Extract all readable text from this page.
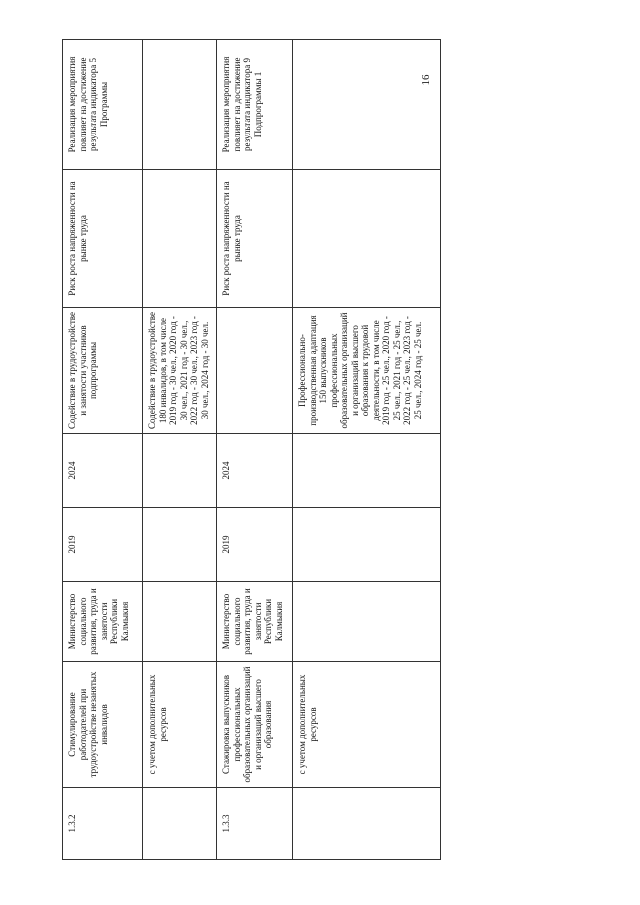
1.3.2	Стимулирование работодателей при трудоустройстве незанятых инвалидов	Министерство социального развития, труда и занятости Республики Калмыкия	2019	2024	Содействие в трудоустройстве и занятости участников подпрограммы	Риск роста напряженности на рынке труда	Реализация мероприятия повлияет на достижение результата индикатора 5 Программы
	с учетом дополнительных ресурсов				Содействие в трудоустройстве 180 инвалидов, в том числе 2019 год - 30 чел., 2020 год - 30 чел., 2021 год - 30 чел., 2022 год - 30 чел., 2023 год - 30 чел., 2024 год - 30 чел.		
1.3.3	Стажировка выпускников профессиональных образовательных организаций и организаций высшего образования	Министерство социального развития, труда и занятости Республики Калмыкия	2019	2024		Риск роста напряженности на рынке труда	Реализация мероприятия повлияет на достижение результата индикатора 9 Подпрограммы 1
	с учетом дополнительных ресурсов				Профессионально-производственная адаптация 150 выпускников профессиональных образовательных организаций и организаций высшего образования к трудовой деятельности, в том числе 2019 год - 25 чел., 2020 год - 25 чел., 2021 год - 25 чел., 2022 год - 25 чел., 2023 год - 25 чел., 2024 год - 25 чел.		
16
